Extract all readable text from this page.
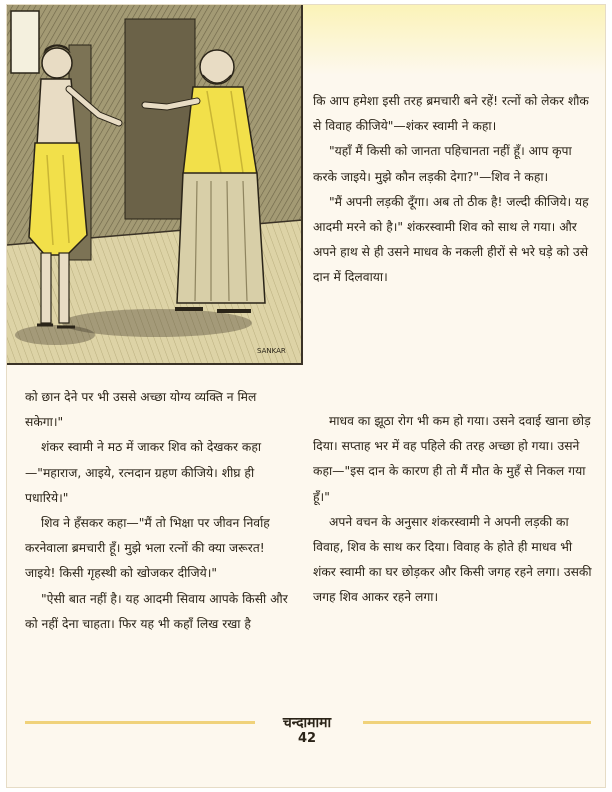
SANKAR

कि आप हमेशा इसी तरह ब्रमचारी बने रहें! रत्नों को लेकर शौक से विवाह कीजिये"—शंकर स्वामी ने कहा।

"यहाँ मैं किसी को जानता पहिचानता नहीं हूँ। आप कृपा करके जाइये। मुझे कौन लड़की देगा?"—शिव ने कहा।

"मैं अपनी लड़की दूँगा। अब तो ठीक है! जल्दी कीजिये। यह आदमी मरने को है।" शंकरस्वामी शिव को साथ ले गया। और अपने हाथ से ही उसने माधव के नकली हीरों से भरे घड़े को उसे दान में दिलवाया।

को छान देने पर भी उससे अच्छा योग्य व्यक्ति न मिल सकेगा।"

शंकर स्वामी ने मठ में जाकर शिव को देखकर कहा—"महाराज, आइये, रत्नदान ग्रहण कीजिये। शीघ्र ही पधारिये।"

शिव ने हँसकर कहा—"मैं तो भिक्षा पर जीवन निर्वाह करनेवाला ब्रमचारी हूँ। मुझे भला रत्नों की क्या जरूरत! जाइये! किसी गृहस्थी को खोजकर दीजिये।"

"ऐसी बात नहीं है। यह आदमी सिवाय आपके किसी और को नहीं देना चाहता। फिर यह भी कहाँ लिख रखा है

माधव का झूठा रोग भी कम हो गया। उसने दवाई खाना छोड़ दिया। सप्ताह भर में वह पहिले की तरह अच्छा हो गया। उसने कहा—"इस दान के कारण ही तो मैं मौत के मुहँ से निकल गया हूँ।"

अपने वचन के अनुसार शंकरस्वामी ने अपनी लड़की का विवाह, शिव के साथ कर दिया। विवाह के होते ही माधव भी शंकर स्वामी का घर छोड़कर और किसी जगह रहने लगा। उसकी जगह शिव आकर रहने लगा।

चन्दामामा
42
